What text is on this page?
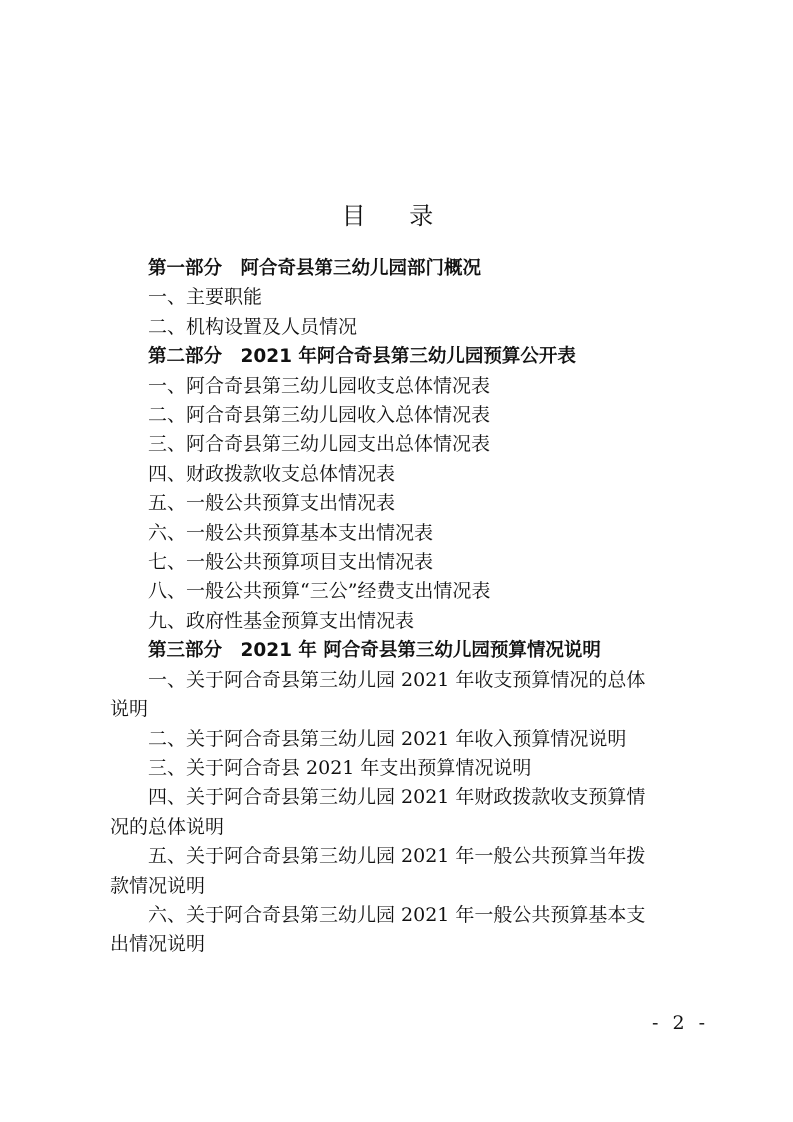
目 录
第一部分　阿合奇县第三幼儿园部门概况
一、主要职能
二、机构设置及人员情况
第二部分　2021 年阿合奇县第三幼儿园预算公开表
一、阿合奇县第三幼儿园收支总体情况表
二、阿合奇县第三幼儿园收入总体情况表
三、阿合奇县第三幼儿园支出总体情况表
四、财政拨款收支总体情况表
五、一般公共预算支出情况表
六、一般公共预算基本支出情况表
七、一般公共预算项目支出情况表
八、一般公共预算“三公”经费支出情况表
九、政府性基金预算支出情况表
第三部分　2021 年 阿合奇县第三幼儿园预算情况说明
一、关于阿合奇县第三幼儿园 2021 年收支预算情况的总体
说明
二、关于阿合奇县第三幼儿园 2021 年收入预算情况说明
三、关于阿合奇县 2021 年支出预算情况说明
四、关于阿合奇县第三幼儿园 2021 年财政拨款收支预算情
况的总体说明
五、关于阿合奇县第三幼儿园 2021 年一般公共预算当年拨
款情况说明
六、关于阿合奇县第三幼儿园 2021 年一般公共预算基本支
出情况说明
- 2 -
